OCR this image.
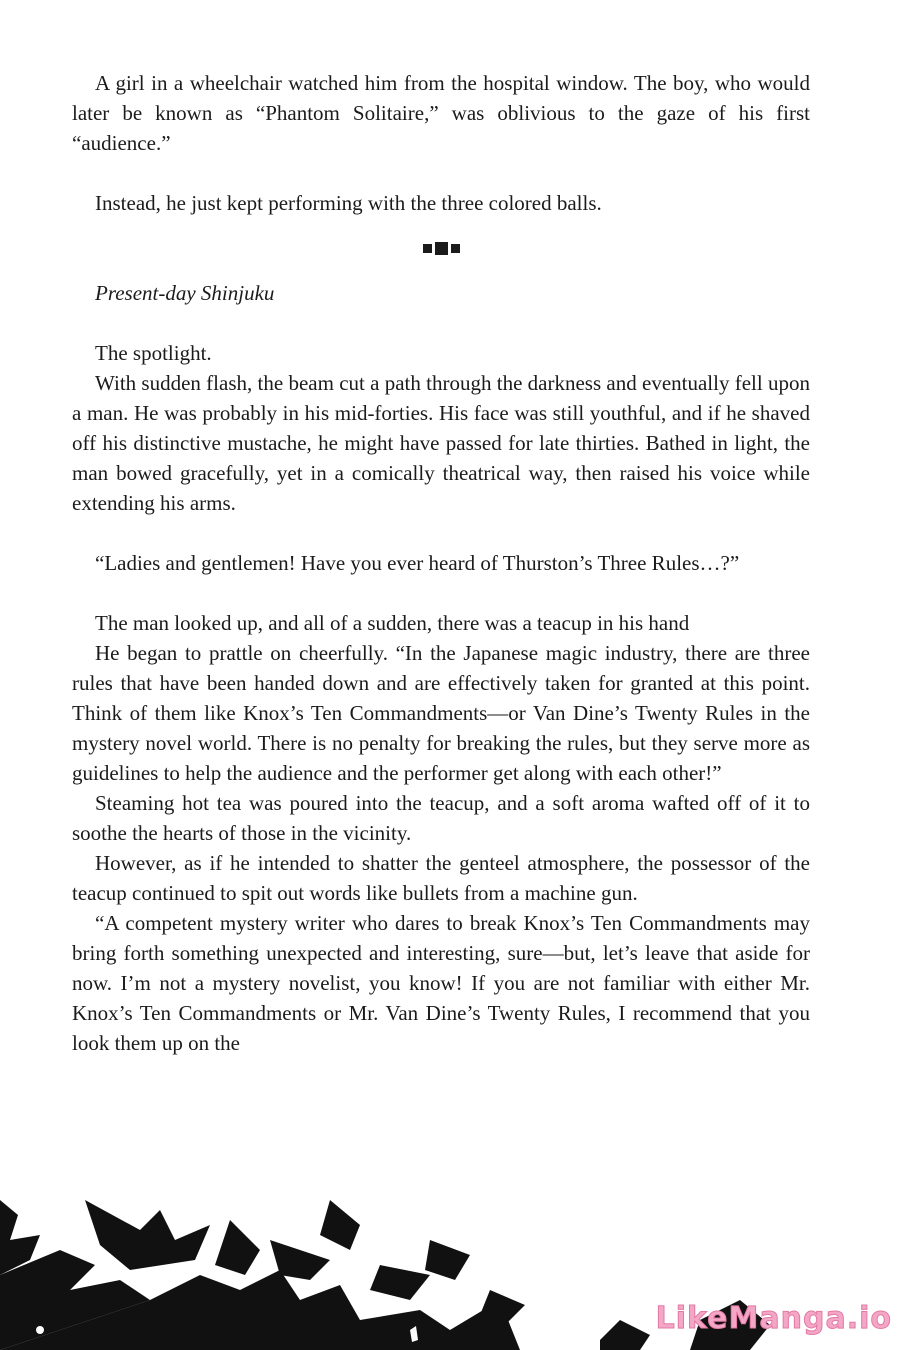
A girl in a wheelchair watched him from the hospital window. The boy, who would later be known as “Phantom Solitaire,” was oblivious to the gaze of his first “audience.”

Instead, he just kept performing with the three colored balls.

Present-day Shinjuku

The spotlight.

With sudden flash, the beam cut a path through the darkness and eventually fell upon a man. He was probably in his mid-forties. His face was still youthful, and if he shaved off his distinctive mustache, he might have passed for late thirties. Bathed in light, the man bowed gracefully, yet in a comically theatrical way, then raised his voice while extending his arms.

“Ladies and gentlemen! Have you ever heard of Thurston’s Three Rules…?”

The man looked up, and all of a sudden, there was a teacup in his hand

He began to prattle on cheerfully. “In the Japanese magic industry, there are three rules that have been handed down and are effectively taken for granted at this point. Think of them like Knox’s Ten Commandments—or Van Dine’s Twenty Rules in the mystery novel world. There is no penalty for breaking the rules, but they serve more as guidelines to help the audience and the performer get along with each other!”

Steaming hot tea was poured into the teacup, and a soft aroma wafted off of it to soothe the hearts of those in the vicinity.

However, as if he intended to shatter the genteel atmosphere, the possessor of the teacup continued to spit out words like bullets from a machine gun.

“A competent mystery writer who dares to break Knox’s Ten Commandments may bring forth something unexpected and interesting, sure—but, let’s leave that aside for now. I’m not a mystery novelist, you know! If you are not familiar with either Mr. Knox’s Ten Commandments or Mr. Van Dine’s Twenty Rules, I recommend that you look them up on the

LikeManga.io
